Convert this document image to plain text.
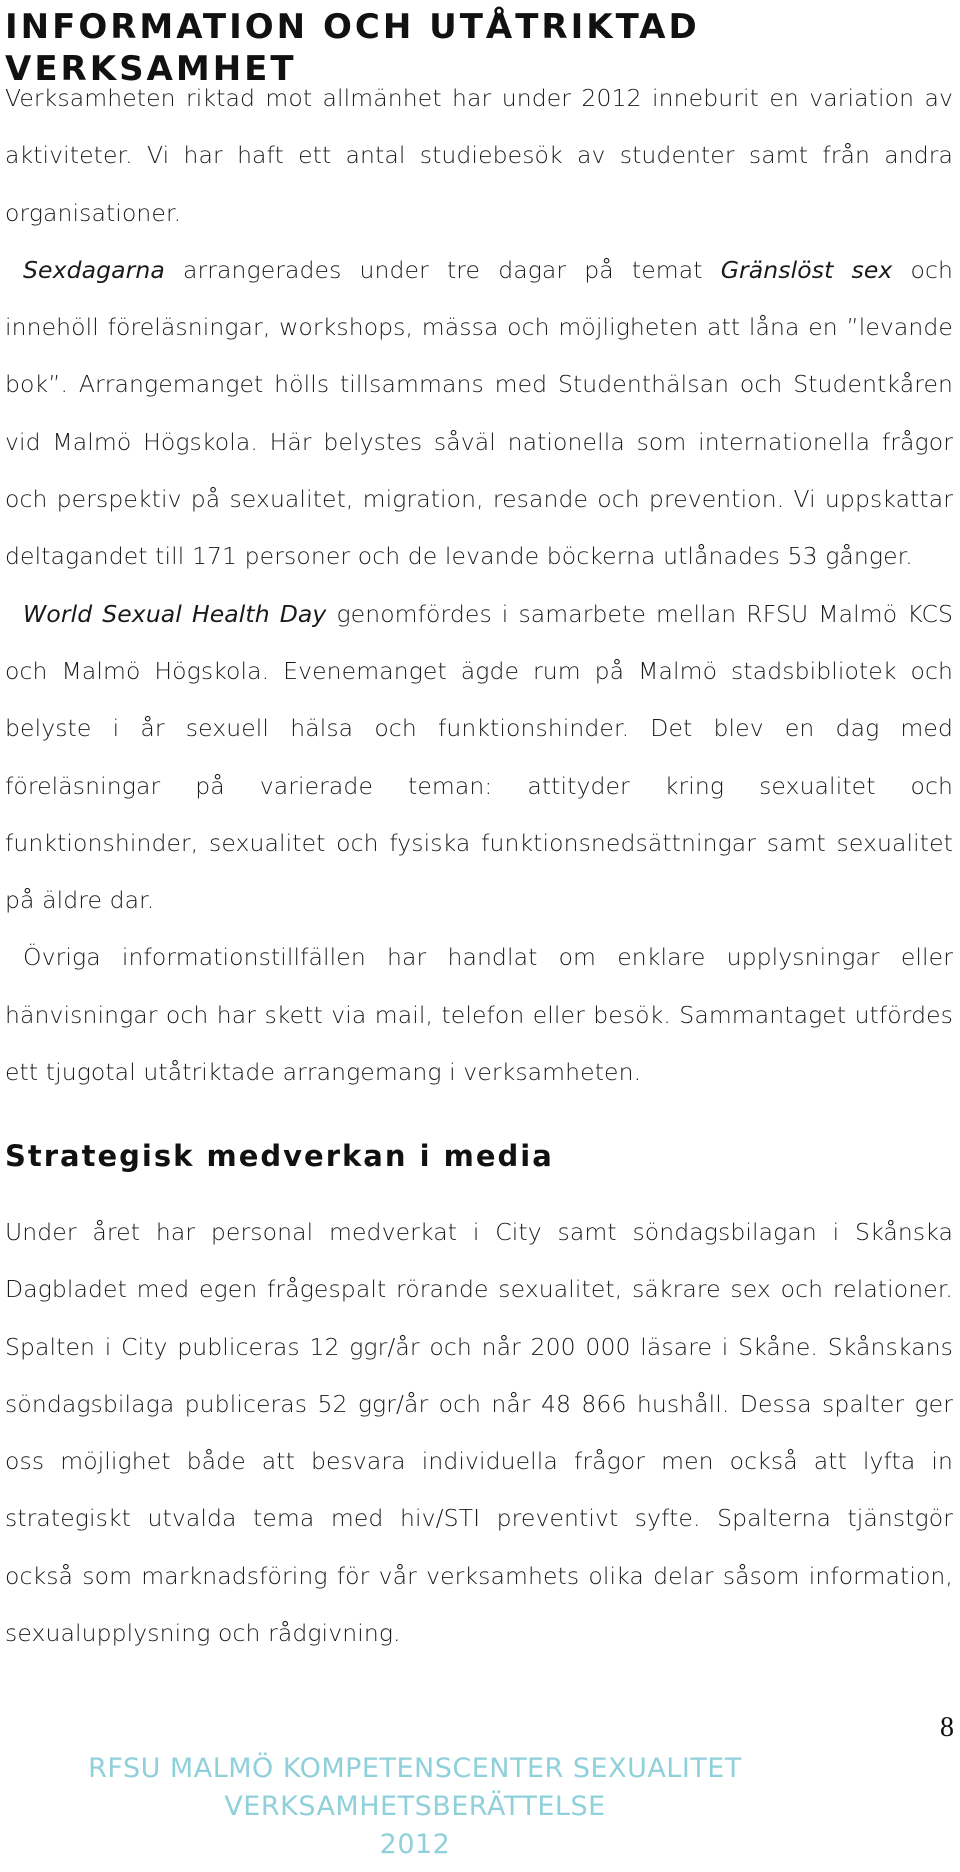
INFORMATION OCH UTÅTRIKTAD VERKSAMHET

Verksamheten riktad mot allmänhet har under 2012 inneburit en variation av aktiviteter. Vi har haft ett antal studiebesök av studenter samt från andra organisationer.

Sexdagarna arrangerades under tre dagar på temat Gränslöst sex och innehöll föreläsningar, workshops, mässa och möjligheten att låna en ”levande bok”. Arrangemanget hölls tillsammans med Studenthälsan och Studentkåren vid Malmö Högskola. Här belystes såväl nationella som internationella frågor och perspektiv på sexualitet, migration, resande och prevention. Vi uppskattar deltagandet till 171 personer och de levande böckerna utlånades 53 gånger.

World Sexual Health Day genomfördes i samarbete mellan RFSU Malmö KCS och Malmö Högskola. Evenemanget ägde rum på Malmö stadsbibliotek och belyste i år sexuell hälsa och funktionshinder. Det blev en dag med föreläsningar på varierade teman: attityder kring sexualitet och funktionshinder, sexualitet och fysiska funktionsnedsättningar samt sexualitet på äldre dar.

Övriga informationstillfällen har handlat om enklare upplysningar eller hänvisningar och har skett via mail, telefon eller besök. Sammantaget utfördes ett tjugotal utåtriktade arrangemang i verksamheten.

Strategisk medverkan i media

Under året har personal medverkat i City samt söndagsbilagan i Skånska Dagbladet med egen frågespalt rörande sexualitet, säkrare sex och relationer. Spalten i City publiceras 12 ggr/år och når 200 000 läsare i Skåne. Skånskans söndagsbilaga publiceras 52 ggr/år och når 48 866 hushåll. Dessa spalter ger oss möjlighet både att besvara individuella frågor men också att lyfta in strategiskt utvalda tema med hiv/STI preventivt syfte. Spalterna tjänstgör också som marknadsföring för vår verksamhets olika delar såsom information, sexualupplysning och rådgivning.

8
RFSU MALMÖ KOMPETENSCENTER SEXUALITET
VERKSAMHETSBERÄTTELSE
2012
